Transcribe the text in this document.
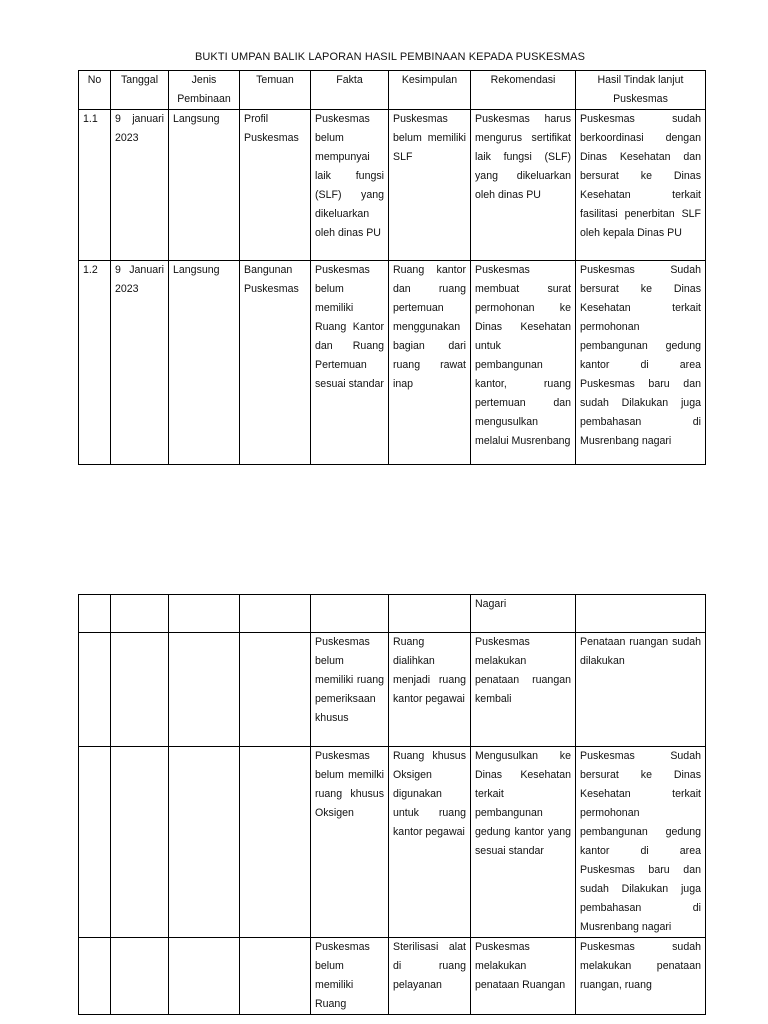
BUKTI UMPAN BALIK LAPORAN HASIL PEMBINAAN KEPADA PUSKESMAS
No	Tanggal	Jenis Pembinaan	Temuan	Fakta	Kesimpulan	Rekomendasi	Hasil Tindak lanjut Puskesmas
1.1	9 januari 2023	Langsung	Profil Puskesmas	Puskesmas belum mempunyai laik fungsi (SLF) yang dikeluarkan oleh dinas PU	Puskesmas belum memiliki SLF	Puskesmas harus mengurus sertifikat laik fungsi (SLF) yang dikeluarkan oleh dinas PU	Puskesmas sudah berkoordinasi dengan Dinas Kesehatan dan bersurat ke Dinas Kesehatan terkait fasilitasi penerbitan SLF oleh kepala Dinas PU
1.2	9 Januari 2023	Langsung	Bangunan Puskesmas	Puskesmas belum memiliki Ruang Kantor dan Ruang Pertemuan sesuai standar	Ruang kantor dan ruang pertemuan menggunakan bagian dari ruang rawat inap	Puskesmas membuat surat permohonan ke Dinas Kesehatan untuk pembangunan kantor, ruang pertemuan dan mengusulkan melalui Musrenbang	Puskesmas Sudah bersurat ke Dinas Kesehatan terkait permohonan pembangunan gedung kantor di area Puskesmas baru dan sudah Dilakukan juga pembahasan di Musrenbang nagari
						Nagari	
				Puskesmas belum memiliki ruang pemeriksaan khusus	Ruang dialihkan menjadi ruang kantor pegawai	Puskesmas melakukan penataan ruangan kembali	Penataan ruangan sudah dilakukan
				Puskesmas belum memilki ruang khusus Oksigen	Ruang khusus Oksigen digunakan untuk ruang kantor pegawai	Mengusulkan ke Dinas Kesehatan terkait pembangunan gedung kantor yang sesuai standar	Puskesmas Sudah bersurat ke Dinas Kesehatan terkait permohonan pembangunan gedung kantor di area Puskesmas baru dan sudah Dilakukan juga pembahasan di Musrenbang nagari
				Puskesmas belum memiliki Ruang	Sterilisasi alat di ruang pelayanan	Puskesmas melakukan penataan Ruangan	Puskesmas sudah melakukan penataan ruangan, ruang
